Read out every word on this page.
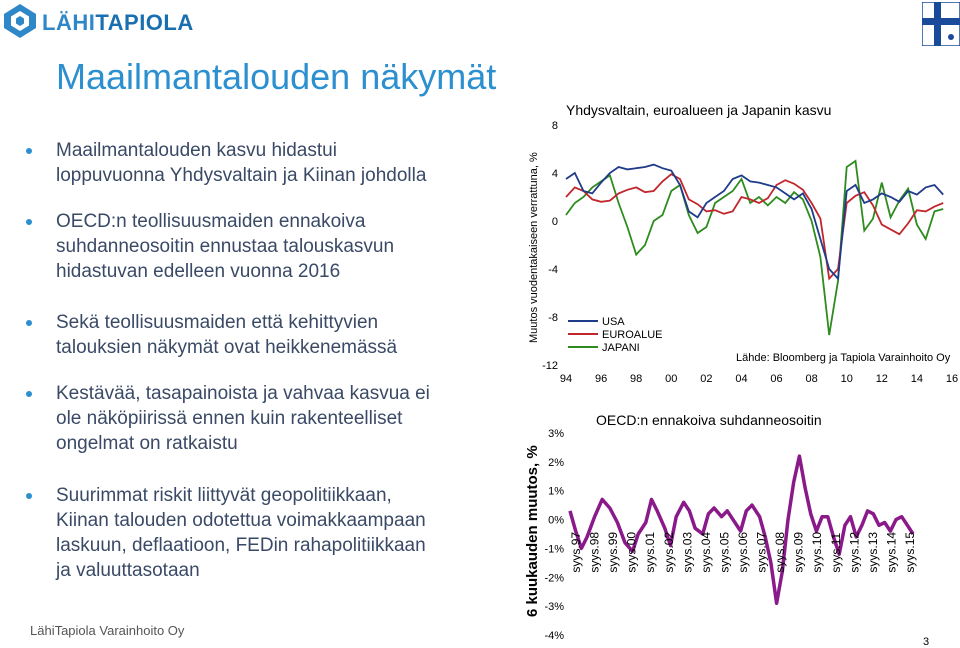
LÄHITAPIOLA
Maailmantalouden näkymät
Maailmantalouden kasvu hidastui
loppuvuonna Yhdysvaltain ja Kiinan johdolla
OECD:n teollisuusmaiden ennakoiva
suhdanneosoitin ennustaa talouskasvun
hidastuvan edelleen vuonna 2016
Sekä teollisuusmaiden että kehittyvien
talouksien näkymät ovat heikkenemässä
Kestävää, tasapainoista ja vahvaa kasvua ei
ole näköpiirissä ennen kuin rakenteelliset
ongelmat on ratkaistu
Suurimmat riskit liittyvät geopolitiikkaan,
Kiinan talouden odotettua voimakkaampaan
laskuun, deflaatioon, FEDin rahapolitiikkaan
ja valuuttasotaan
Yhdysvaltain, euroalueen ja Japanin kasvu
Muutos vuodentakaiseen verrattuna, %
8
4
0
-4
-8
-12
94 96 98 00 02 04 06 08 10 12 14 16
USA
EUROALUE
JAPANI
Lähde: Bloomberg ja Tapiola Varainhoito Oy
OECD:n ennakoiva suhdanneosoitin
6 kuukauden muutos, %
3%
2%
1%
0%
-1%
-2%
-3%
-4%
syys.97 syys.98 syys.99 syys.00 syys.01 syys.02 syys.03 syys.04 syys.05 syys.06 syys.07 syys.08 syys.09 syys.10 syys.11 syys.12 syys.13 syys.14 syys.15
LähiTapiola Varainhoito Oy
3
